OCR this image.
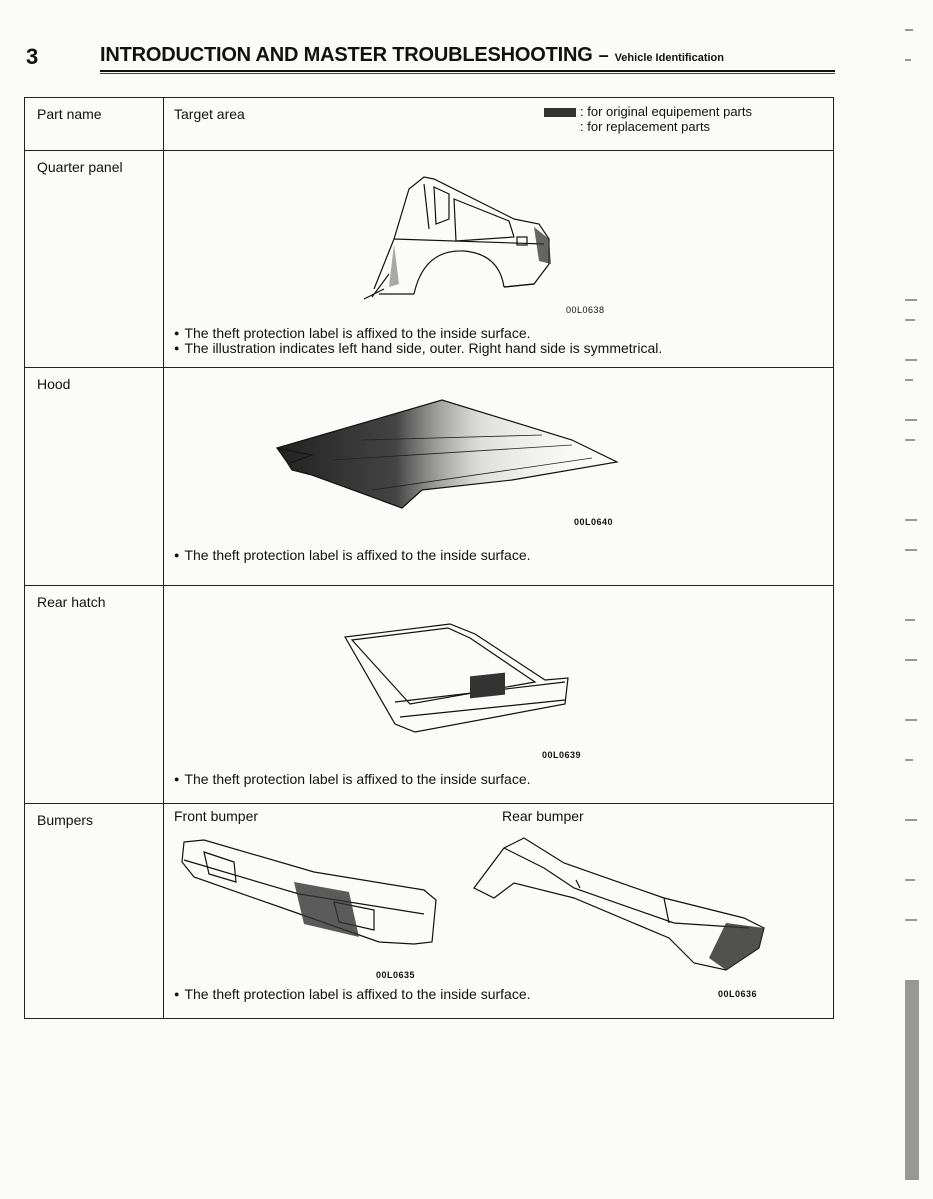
3	INTRODUCTION AND MASTER TROUBLESHOOTING – Vehicle Identification
Part name	Target area : for original equipement parts
: for replacement parts

Quarter panel	00L0638
● The theft protection label is affixed to the inside surface.
● The illustration indicates left hand side, outer. Right hand side is symmetrical.

Hood	00L0640
● The theft protection label is affixed to the inside surface.

Rear hatch	00L0639
● The theft protection label is affixed to the inside surface.

Bumpers	Front bumper Rear bumper
00L0635
00L0636
● The theft protection label is affixed to the inside surface.
